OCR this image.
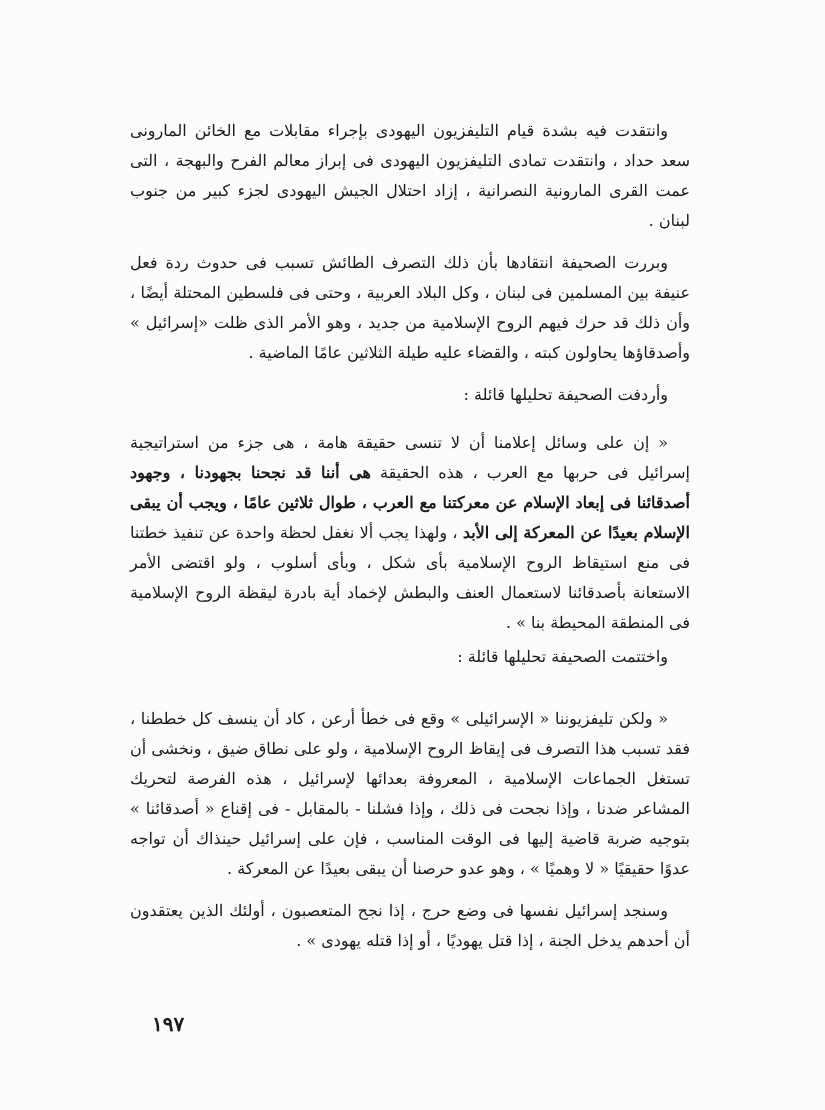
وانتقدت فيه بشدة قيام التليفزيون اليهودى بإجراء مقابلات مع الخائن المارونى سعد حداد ، وانتقدت تمادى التليفزيون اليهودى فى إبراز معالم الفرح والبهجة ، التى عمت القرى المارونية النصرانية ، إزاد احتلال الجيش اليهودى لجزء كبير من جنوب لبنان .

وبررت الصحيفة انتقادها بأن ذلك التصرف الطائش تسبب فى حدوث ردة فعل عنيفة بين المسلمين فى لبنان ، وكل البلاد العربية ، وحتى فى فلسطين المحتلة أيضًا ، وأن ذلك قد حرك فيهم الروح الإسلامية من جديد ، وهو الأمر الذى ظلت «إسرائيل » وأصدقاؤها يحاولون كبته ، والقضاء عليه طيلة الثلاثين عامًا الماضية .

وأردفت الصحيفة تحليلها قائلة :

« إن على وسائل إعلامنا أن لا تنسى حقيقة هامة ، هى جزء من استراتيجية إسرائيل فى حربها مع العرب ، هذه الحقيقة هى أننا قد نجحنا بجهودنا ، وجهود أصدقائنا فى إبعاد الإسلام عن معركتنا مع العرب ، طوال ثلاثين عامًا ، ويجب أن يبقى الإسلام بعيدًا عن المعركة إلى الأبد ، ولهذا يجب ألا نغفل لحظة واحدة عن تنفيذ خطتنا فى منع استيقاظ الروح الإسلامية بأى شكل ، وبأى أسلوب ، ولو اقتضى الأمر الاستعانة بأصدقائنا لاستعمال العنف والبطش لإخماد أية بادرة ليقظة الروح الإسلامية فى المنطقة المحيطة بنا » .

واختتمت الصحيفة تحليلها قائلة :

« ولكن تليفزيوننا « الإسرائيلى » وقع فى خطأ أرعن ، كاد أن ينسف كل خططنا ، فقد تسبب هذا التصرف فى إيقاظ الروح الإسلامية ، ولو على نطاق ضيق ، ونخشى أن تستغل الجماعات الإسلامية ، المعروفة بعدائها لإسرائيل ، هذه الفرصة لتحريك المشاعر ضدنا ، وإذا نجحت فى ذلك ، وإذا فشلنا - بالمقابل - فى إقناع « أصدقائنا » بتوجيه ضربة قاضية إليها فى الوقت المناسب ، فإن على إسرائيل حينذاك أن تواجه عدوًا حقيقيًا « لا وهميًا » ، وهو عدو حرصنا أن يبقى بعيدًا عن المعركة .

وسنجد إسرائيل نفسها فى وضع حرج ، إذا نجح المتعصبون ، أولئك الذين يعتقدون أن أحدهم يدخل الجنة ، إذا قتل يهوديًا ، أو إذا قتله يهودى » .

١٩٧
